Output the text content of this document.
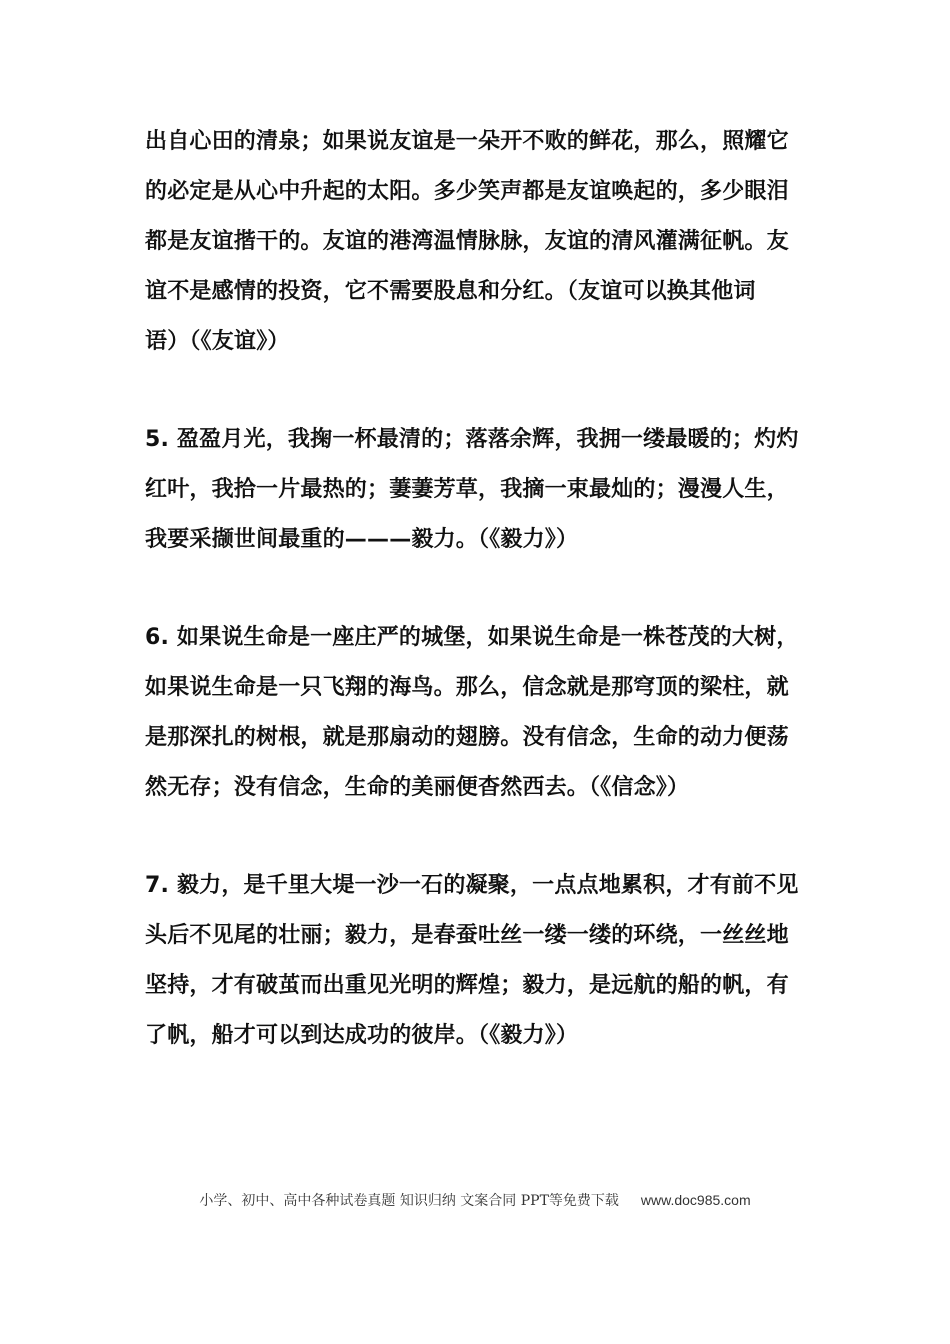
出自心田的清泉；如果说友谊是一朵开不败的鲜花，那么，照耀它
的必定是从心中升起的太阳。多少笑声都是友谊唤起的，多少眼泪
都是友谊揩干的。友谊的港湾温情脉脉，友谊的清风灌满征帆。友
谊不是感情的投资，它不需要股息和分红。（友谊可以换其他词
语）（《友谊》）
5. 盈盈月光，我掬一杯最清的；落落余辉，我拥一缕最暖的；灼灼
红叶，我拾一片最热的；萋萋芳草，我摘一束最灿的；漫漫人生，
我要采撷世间最重的———毅力。（《毅力》）
6. 如果说生命是一座庄严的城堡，如果说生命是一株苍茂的大树，
如果说生命是一只飞翔的海鸟。那么，信念就是那穹顶的梁柱，就
是那深扎的树根，就是那扇动的翅膀。没有信念，生命的动力便荡
然无存；没有信念，生命的美丽便杳然西去。（《信念》）
7. 毅力，是千里大堤一沙一石的凝聚，一点点地累积，才有前不见
头后不见尾的壮丽；毅力，是春蚕吐丝一缕一缕的环绕，一丝丝地
坚持，才有破茧而出重见光明的辉煌；毅力，是远航的船的帆，有
了帆，船才可以到达成功的彼岸。（《毅力》）
小学、初中、高中各种试卷真题 知识归纳 文案合同 PPT等免费下载 www.doc985.com
